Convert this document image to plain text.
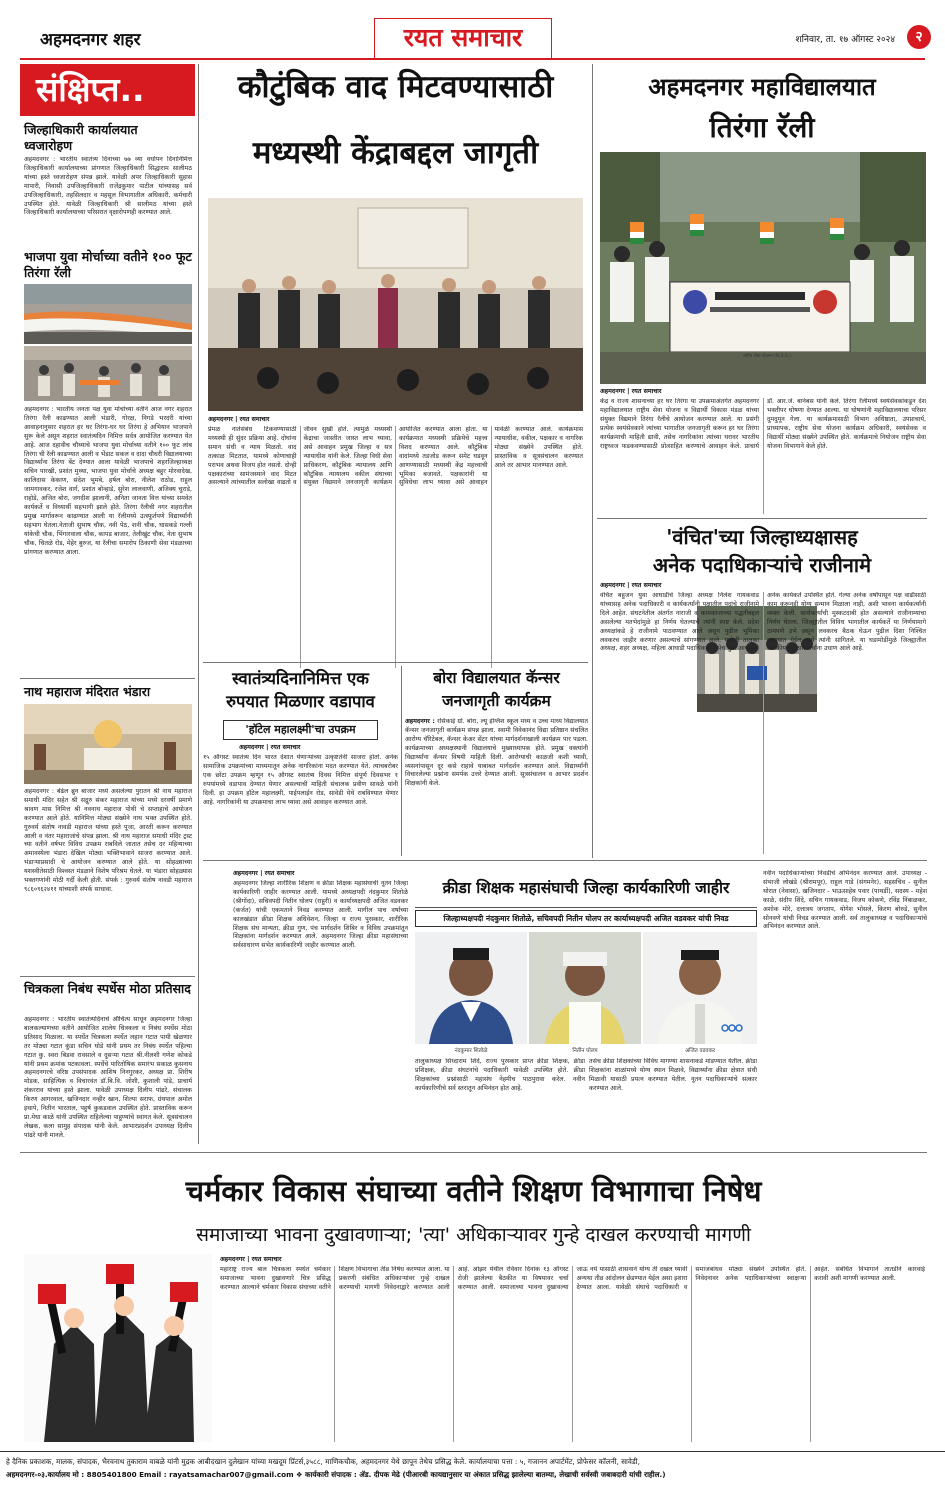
अहमदनगर शहर	रयत समाचार	शनिवार, ता. १७ ऑगस्ट २०२४	२
संक्षिप्त..
जिल्हाधिकारी कार्यालयात ध्वजारोहण
अहमदनगर : भारतीय स्वातंत्र्य दिनाच्या ७७ व्या वर्धापन दिनानिमित्त जिल्हाधिकारी कार्यालयाच्या प्रांगणात जिल्हाधिकारी सिद्धाराम सालीमठ यांच्या हस्ते ध्वजारोहण संपन्न झाले. यावेळी अपर जिल्हाधिकारी सुहास मापारी, निवासी उपजिल्हाधिकारी राजेंद्रकुमार पाटील यांच्यासह सर्व उपजिल्हाधिकारी, तहसिलदार व महसूल विभागातील अधिकारी, कर्मचारी उपस्थित होते. यावेळी जिल्हाधिकारी श्री सालीमठ यांच्या हस्ते जिल्हाधिकारी कार्यालयाच्या परिसरात वृक्षारोपणही करण्यात आले.
भाजपा युवा मोर्चाच्या वतीने १०० फूट तिरंगा रॅली
अहमदनगर : भारतीय जनता पक्ष युवा मोर्चाच्या वतीने आज नगर शहरात तिरंगा रॅली काढण्यात आली भंडारी, गोरक्ष, निगडे भरदरी यांच्या आवाहनानुसार शहरात हर घर तिरंगा-घर घर तिरंगा हे अभियान भाजपाने सुरू केले असून शहरात स्वातंत्र्यदिन निमित्त सर्वत्र आयोजित करण्यात येत आहे. आज दहावीच चौथ्याचे भाजपा युवा मोर्चाच्या वतीने १०० फूट लांब तिरंगा ची रॅली काढण्यात आली व भेंडाट सकल व दादा चौधरी विद्यालयाच्या विद्यार्थ्यांना तिरंगा बेंट देण्यात आला यावेळी भाजपाचे शहरजिल्हाध्यक्ष सचिन पारखी, प्रशांत मुथ्था, भाजपा युवा मोर्चाचे अध्यक्ष बहुर मोरवादेख, कालिदास केकाण, संदेश भुमबे, हर्षल बोरा, नीलेश राठोड, राहुल जामगावकर, रजेश वार्ग, प्रशांत बोन्हाडे, सुरेश लालवाणी, अजिक्य चुराडे, राहोडे, अजित बोरा, जगदीश झालानी, अनिता जानता वित्त यांच्या समवेत कार्यकर्ते व विध्यार्थी सहभागी झाले होते. तिरंगा रॅलीची नगर शहरातील प्रमुख मार्गावरून काढण्यात आली या रॅलीमध्ये उत्स्फूर्तपणे विद्यार्थ्यांनी सहभाग घेतला.नेताजी सुभाष चौक, नवी पेठ, शनी चौक, घासकडे गल्ली यांकेची चौक, भिंगारवाला चौक, कापड बाजार, तेलीखुंट चौक, नेता सुभाष चौक, चितळे रोड, मेहेर बुरुज, या रॅलीचा समारोप ठिकाणी सेवा मंडळाच्या प्रांगणात करण्यात आला.
नाथ महाराज मंदिरात भंडारा
अहमदनगर : बेंढेल ब्रुन बाजार मध्ये असलेल्या पुरातन श्री नाथ महाराज समाधी मंदिर सहेत श्री सद्गुरु संकर महाराज यांच्या मध्ये दरवर्षी प्रमाणे श्रावण मास निमित्त श्री नवनाथ महाराज पोथी चे सप्ताहाचे आयोजन करण्यात आले होते. यानिमित्त मोठ्या संख्येने नाथ भक्त उपस्थित होते. गुरुवर्य संतोष नावडी महाराज यांच्या हस्ते पूजा, आरती करून करण्यात आली व नंतर महाराजांचे संपन्न झाला. श्री नाथ महाराज समाधी मंदिर ट्रस्ट च्या वतीने वर्षभर विविध उपक्रम राबविले जातात तसेच दर महिन्याच्या अमावस्येला भंडारा देखिल मोठ्या भक्तिभावाने साजरा करण्यात आले. भंडाऱ्याप्रसादी चे आयोजन करण्यात आले होते. या सोहळ्याच्या यशस्वीतेसाठी विश्वस्त मंडळाने विशेष परिश्रम घेतले. या भंडारा सोहळ्यास भक्तगणांनी मोठी गर्दी केली होती. संपर्क : गुरुवर्य संतोष नावडी महाराज ९८६०९६२४११ यांच्याशी संपर्क साधावा.
चित्रकला निबंध स्पर्धेस मोठा प्रतिसाद
अहमदनगर : भारतीय स्वातंत्र्यदिनाचे औचित्य साधून अहमदनगर जिल्हा बालकल्याणच्या वतीने आयोजित शालेय चित्रकला व निबंध स्पर्धेस मोठा प्रतिसाद मिळाला. या स्पर्धेत चित्रकला स्पर्धेत लहान गटात पायी खेळणार तर मोठ्या गटात कुंडा सचिन घोडे यांनी प्रथम तर निबंध स्पर्धेत पहिल्या गटात कु. स्वरा बिडवा रावसाले व दुसऱ्या गटात श्री.नीलशी गणेश कोकडे यांनी प्रथम क्रमांक पटकावला. स्पर्धेचे पारितोषिक समारंभ सकाळ कुसनाय अहमदनगरचे वरिष्ठ उपसंपादक आशिष निनगुरकर, अध्यक्ष प्रा. शिरीष मोडक, साहित्यिक व विचारवंत डॉ.बि.वि. जोशी, कुशाली पांडे, प्राचार्य शंकरराव यांच्या हस्ते झाला. यावेळी उपाध्यक्ष दिलीप पांढरे, संचालक किरण आगरवाल, खजिनदार नन्हीर खान, शिल्पा सराफ, ग्रंथपाल अमोल इथापे, नितीन भारताल, पहुर्ष कुकडवाल उपस्थित होते. प्रास्ताविक करून प्रा.मेधा काळे यांनी उपस्थित राहिलेल्या पाहुण्यांचे स्वागत केले. सूत्रसंचालन लेखक, कला सामुह संपादक यांनी केले. आभारप्रदर्शन उपाध्यक्ष दिलीप पांढरे यांनी मानले.
कौटुंबिक वाद मिटवण्यासाठी
मध्यस्थी केंद्राबद्दल जागृती
अहमदनगर | रयत समाचार
प्रेमळ नातेसंबंध टिकवण्यासाठी मध्यस्थी ही सुंदर प्रक्रिया आहे. दोघांना समान संधी व न्याय मिळतो. वाद तत्काळ मिटतात, यामध्ये कोणाचाही पराभव अथवा विजय होत नसतो. दोन्ही पक्षकारांच्या सामंजस्याने वाद मिटत असल्याने त्यांच्यातील सलोखा वाढतो व जीवन सुखी होते. त्यामुळे मध्यस्थी केंद्राचा जास्तीत जास्त लाभ घ्यावा, असे आवाहन प्रमुख जिल्हा व सत्र न्यायाधीश यांनी केले. जिल्हा विधी सेवा प्राधिकरण, कौटुंबिक न्यायालय आणि कौटुंबिक न्यायालय वकील संघाच्या संयुक्त विद्यमाने जनजागृती कार्यक्रम आयोजित करण्यात आला होता. या कार्यक्रमात मध्यस्थी प्रक्रियेचे महत्त्व विशद करण्यात आले. कौटुंबिक वादांमध्ये तडजोड करून समेट घडवून आणण्यासाठी मध्यस्थी केंद्र महत्त्वाची भूमिका बजावते. पक्षकारांनी या सुविधेचा लाभ घ्यावा असे आवाहन यावेळी करण्यात आले. कार्यक्रमास न्यायाधीश, वकील, पक्षकार व नागरिक मोठ्या संख्येने उपस्थित होते. प्रास्ताविक व सूत्रसंचालन करण्यात आले तर आभार मानण्यात आले.
अहमदनगर महाविद्यालयात
तिरंगा रॅली
राष्ट्रीय सेवा योजना (N.S.S.)
अहमदनगर | रयत समाचार
केंद्र व राज्य शासनाच्या हर घर तिरंगा या उपक्रमाअंतर्गत अहमदनगर महाविद्यालयात राष्ट्रीय सेवा योजना व विद्यार्थी विकास मंडळ यांच्या संयुक्त विद्यमाने तिरंगा रॅलीचे आयोजन करण्यात आले. या प्रसंगी प्रत्येक स्वयंसेवकाने त्यांच्या भागातील जनजागृती करून हर घर तिरंगा कार्यक्रमाची माहिती द्यावी, तसेच नागरिकांना त्यांच्या घरावर भारतीय राष्ट्रध्वज फडकवण्यासाठी प्रोत्साहित करण्याचे आवाहन केले. प्राचार्य डॉ. आर.जे. बार्नबस यांनी केले. तिरंगा रॅलीमध्ये स्वयंसेवकांकडून देश भक्तीपर घोषणा देण्यात आल्या. या घोषणांनी महाविद्यालयाचा परिसर दुमदुमून गेला. या कार्यक्रमासाठी विभाग अधिष्ठाता, उपप्राचार्य, प्राध्यापक, राष्ट्रीय सेवा योजना कार्यक्रम अधिकारी, स्वयंसेवक व विद्यार्थी मोठ्या संख्येने उपस्थित होते. कार्यक्रमाचे नियोजन राष्ट्रीय सेवा योजना विभागाने केले होते.
'वंचित'च्या जिल्हाध्यक्षासह
अनेक पदाधिकाऱ्यांचे राजीनामे
अहमदनगर | रयत समाचार
वंचित बहुजन युवा आघाडीचे जिल्हा अध्यक्ष निलेश गायकवाड यांच्यासह अनेक पदाधिकारी व कार्यकर्त्यांनी पक्षातील पदांचे राजीनामे दिले आहेत. संघटनेतील अंतर्गत नाराजी व कामकाजाच्या पद्धतीबद्दल असलेल्या मतभेदांमुळे हा निर्णय घेतल्याचे त्यांनी स्पष्ट केले. प्रदेश अध्यक्षांकडे हे राजीनामे पाठवण्यात आले असून पुढील भूमिका लवकरच जाहीर करणार असल्याचे सांगण्यात आले. यावेळी तालुका अध्यक्ष, शहर अध्यक्ष, महिला आघाडी पदाधिकारी तसेच युवा आघाडीचे अनेक कार्यकर्ते उपस्थित होते. गेल्या अनेक वर्षांपासून पक्ष वाढीसाठी काम करूनही योग्य सन्मान मिळाला नाही, अशी भावना कार्यकर्त्यांनी व्यक्त केली. कार्यकर्त्यांची मुस्कटदाबी होत असल्याने राजीनाम्याचा निर्णय घेतला. जिल्ह्यातील विविध भागातील कार्यकर्ते या निर्णयामागे ठामपणे उभे असून लवकरच बैठक घेऊन पुढील दिशा निश्चित करण्यात येईल असे त्यांनी सांगितले. या घडामोडींमुळे जिल्ह्यातील राजकीय वर्तुळात चर्चांना उधाण आले आहे.
स्वातंत्र्यदिनानिमित्त एक
रुपयात मिळणार वडापाव
'हॉटेल महालक्ष्मी'चा उपक्रम
अहमदनगर | रयत समाचार
१५ ऑगस्ट स्वातंत्र्य दिन भारत देशात येणाऱ्यांच्या उत्कृष्टतेनी साजरा होतो. अनेक सामाजिक उपक्रमांच्या माध्यमातून अनेक नागरिकांना मदत करण्यात येते. त्याचबरोबर एक छोटा उपक्रम म्हणून १५ ऑगस्ट स्वातंत्र्य दिवस निमित्त संपूर्ण दिवसभर १ रुपयांमध्ये वडापाव देण्यात येणार असल्याची माहिती संचालक प्रवीण सावळे यांनी दिली. हा उपक्रम हॉटेल महालक्ष्मी, पाईपलाईन रोड, सावेडी येथे राबविण्यात येणार आहे. नागरिकांनी या उपक्रमाचा लाभ घ्यावा असे आवाहन करण्यात आले.
बोरा विद्यालयात कॅन्सर
जनजागृती कार्यक्रम
अहमदनगर : रसिकाई ग्रो. बोरा, ल्यू इंग्लिश स्कूल मध्य व उच्च माध्य विद्यालयात कॅन्सर जनजागृती कार्यक्रम संपन्न झाला. स्वामी विवेकानंद विद्या प्रतिष्ठान संचलित आरोग्य चॅरिटेबल, कॅन्सर केअर सेंटर यांच्या मार्गदर्शनाखाली कार्यक्रम पार पडला. कार्यक्रमाच्या अध्यक्षस्थानी विद्यालयाचे मुख्याध्यापक होते. प्रमुख वक्त्यांनी विद्यार्थ्यांना कॅन्सर विषयी माहिती दिली. आरोग्याची काळजी कशी घ्यावी, व्यसनांपासून दूर कसे राहावे याबाबत मार्गदर्शन करण्यात आले. विद्यार्थ्यांनी विचारलेल्या प्रश्नांना समर्पक उत्तरे देण्यात आली. सूत्रसंचालन व आभार प्रदर्शन शिक्षकांनी केले.
अहमदनगर | रयत समाचार
अहमदनगर जिल्हा शारीरिक शिक्षण व क्रीडा शिक्षक महासंघाची नूतन जिल्हा कार्यकारिणी जाहीर करण्यात आली. यामध्ये अध्यक्षपदी नंदकुमार शितोळे (श्रीगोंदा), सचिवपदी नितीन घोलप (राहुरी) व कार्याध्यक्षपदी अजित वडवकर (कर्जत) यांची एकमताने निवड करण्यात आली. मागील पाच वर्षांच्या कालखंडात क्रीडा शिक्षक अधिवेशन, जिल्हा व राज्य पुरस्कार, शारीरिक शिक्षक संघ मान्यता, क्रीडा गुण, पंच मार्गदर्शन शिबिर व विविध उपक्रमांतून शिक्षकांना मार्गदर्शन करण्यात आले. अहमदनगर जिल्हा क्रीडा महासंघाच्या सर्वसाधारण सभेत कार्यकारिणी जाहीर करण्यात आली.
क्रीडा शिक्षक महासंघाची जिल्हा कार्यकारिणी जाहीर
जिल्हाध्यक्षपदी नंदकुमार शितोळे, सचिवपदी नितीन घोलप तर कार्याध्यक्षपदी अजित वडवकर यांची निवड
नंदकुमार शितोळे	नितीन घोलप	अजित वडवकर
तालुकाध्यक्ष सिध्दाराम शिंदे, राज्य पुरस्कार प्राप्त क्रीडा शिक्षक, क्रीडा प्रशिक्षक, क्रीडा संघटनांचे पदाधिकारी यावेळी उपस्थित होते. क्रीडा शिक्षकांच्या प्रश्नांसाठी महासंघ नेहमीच पाठपुरावा करेल. नवीन कार्यकारिणीचे सर्व स्तरातून अभिनंदन होत आहे.
तसेच क्रीडा शिक्षकांच्या विविध मागण्या शासनाकडे मांडण्यात येतील. क्रीडा शिक्षकांना शाळांमध्ये योग्य स्थान मिळावे, विद्यार्थ्यांना क्रीडा क्षेत्रात संधी मिळावी यासाठी प्रयत्न करण्यात येतील. नूतन पदाधिकाऱ्यांचे सत्कार करण्यात आले.
नवीन पदाधिकाऱ्यांच्या निवडीचे अभिनंदन करण्यात आले. उपाध्यक्ष - संभाजी लोखंडे (श्रीरामपूर), राहुल गाडे (संगमनेर), सहसचिव - सुनील थोरात (नेवासा), खजिनदार - भाऊसाहेब पवार (पाथर्डी), सदस्य - महेश काळे, संदीप शिंदे, सचिन गायकवाड, विजय कोकणे, रविंद्र निंबाळकर, अशोक मोरे, दत्तात्रय जगताप, योगेश भोसले, किरण बोरुडे, सुनील सोनवणे यांची निवड करण्यात आली. सर्व तालुकाध्यक्ष व पदाधिकाऱ्यांचे अभिनंदन करण्यात आले.
चर्मकार विकास संघाच्या वतीने शिक्षण विभागाचा निषेध
समाजाच्या भावना दुखावणाऱ्या; 'त्या' अधिकाऱ्यावर गुन्हे दाखल करण्याची मागणी
अहमदनगर | रयत समाचार
महाराष्ट्र राज्य बाल चित्रकला स्पर्धेत चर्मकार समाजाच्या भावना दुखावणारे चित्र प्रसिद्ध करण्यात आल्याने चर्मकार विकास संघाच्या वतीने शिक्षण विभागाचा तीव्र निषेध करण्यात आला. या प्रकरणी संबंधित अधिकाऱ्यांवर गुन्हे दाखल करण्याची मागणी निवेदनाद्वारे करण्यात आली आहे. ओझर येथील रविवार दिनांक १३ ऑगस्ट रोजी झालेल्या बैठकीत या विषयावर चर्चा करण्यात आली. समाजाच्या भावना दुखावल्या जाऊ नये यासाठी शासनाने योग्य ती दखल घ्यावी अन्यथा तीव्र आंदोलन छेडण्यात येईल असा इशारा देण्यात आला. यावेळी संघाचे पदाधिकारी व समाजबांधव मोठ्या संख्येने उपस्थित होते. निवेदनावर अनेक पदाधिकाऱ्यांच्या स्वाक्षऱ्या आहेत. संबंधित विभागाने तातडीने कारवाई करावी अशी मागणी करण्यात आली.
हे दैनिक प्रकाशक, मालक, संपादक, भैरवनाथ तुकाराम वाबळे यांनी मुद्रक आबीदखान दुलेखान यांच्या मखदूम प्रिंटर्स,३५८८, माणिकचौक, अहमदनगर येथे छापून तेथेच प्रसिद्ध केले. कार्यालयाचा पत्ता : ५, गजानन अपार्टमेंट, प्रोफेसर कॉलनी, सावेडी,
अहमदनगर-०३.कार्यालय मो : 8805401800 Email : rayatsamachar007@gmail.com ❖ कार्यकारी संपादक : ॲड. दीपक मेढे (पीआरबी कायद्यानुसार या अंकात प्रसिद्ध झालेल्या बातम्या, लेखाची सर्वस्वी जबाबदारी यांची राहील.)
